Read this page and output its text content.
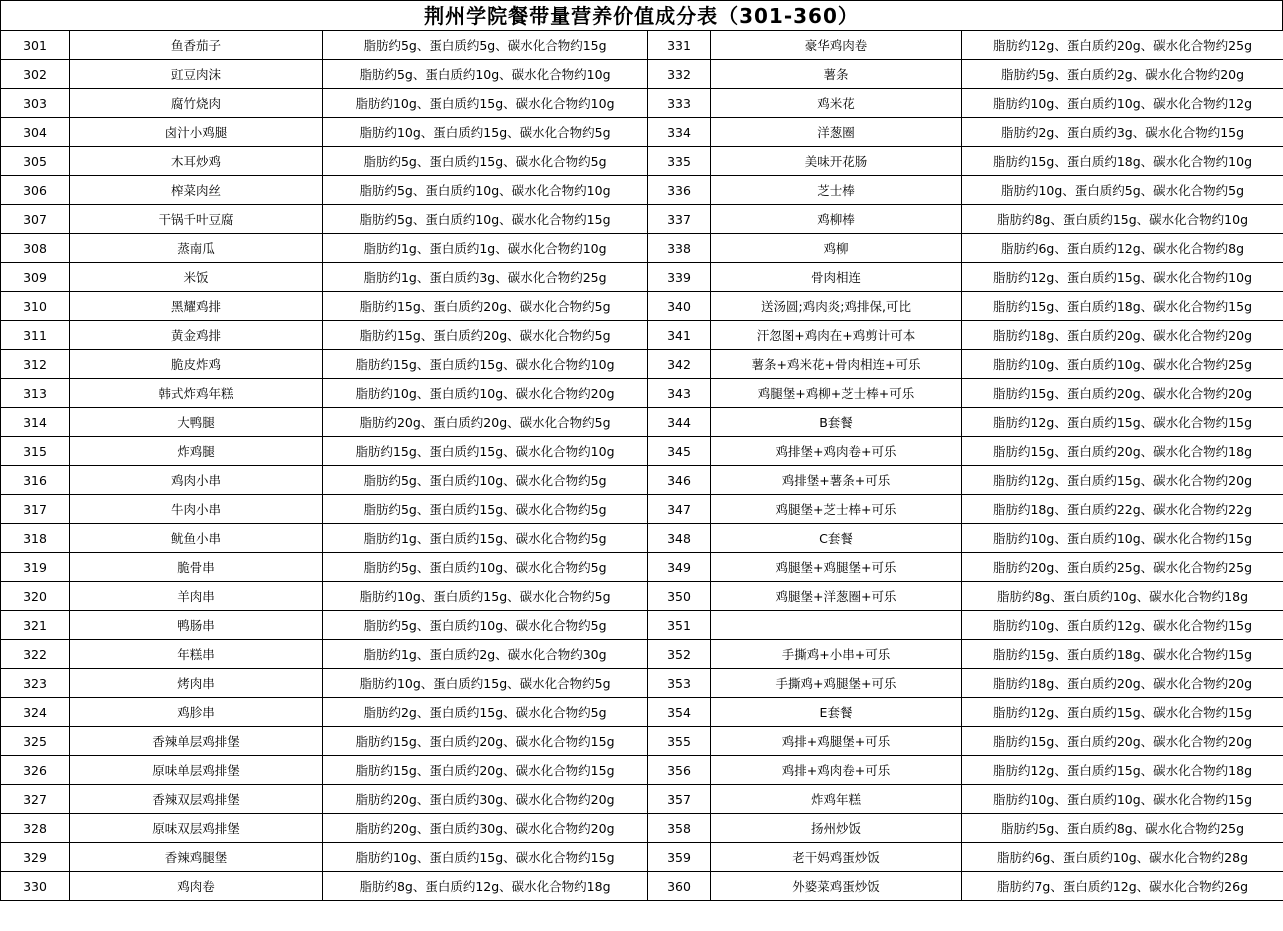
荆州学院餐带量营养价值成分表（301-360）
301	鱼香茄子	脂肪约5g、蛋白质约5g、碳水化合物约15g	331	豪华鸡肉卷	脂肪约12g、蛋白质约20g、碳水化合物约25g
302	豇豆肉沫	脂肪约5g、蛋白质约10g、碳水化合物约10g	332	薯条	脂肪约5g、蛋白质约2g、碳水化合物约20g
303	腐竹烧肉	脂肪约10g、蛋白质约15g、碳水化合物约10g	333	鸡米花	脂肪约10g、蛋白质约10g、碳水化合物约12g
304	卤汁小鸡腿	脂肪约10g、蛋白质约15g、碳水化合物约5g	334	洋葱圈	脂肪约2g、蛋白质约3g、碳水化合物约15g
305	木耳炒鸡	脂肪约5g、蛋白质约15g、碳水化合物约5g	335	美味开花肠	脂肪约15g、蛋白质约18g、碳水化合物约10g
306	榨菜肉丝	脂肪约5g、蛋白质约10g、碳水化合物约10g	336	芝士棒	脂肪约10g、蛋白质约5g、碳水化合物约5g
307	干锅千叶豆腐	脂肪约5g、蛋白质约10g、碳水化合物约15g	337	鸡柳棒	脂肪约8g、蛋白质约15g、碳水化合物约10g
308	蒸南瓜	脂肪约1g、蛋白质约1g、碳水化合物约10g	338	鸡柳	脂肪约6g、蛋白质约12g、碳水化合物约8g
309	米饭	脂肪约1g、蛋白质约3g、碳水化合物约25g	339	骨肉相连	脂肪约12g、蛋白质约15g、碳水化合物约10g
310	黑耀鸡排	脂肪约15g、蛋白质约20g、碳水化合物约5g	340	送汤圆;鸡肉炎;鸡排保,可比	脂肪约15g、蛋白质约18g、碳水化合物约15g
311	黄金鸡排	脂肪约15g、蛋白质约20g、碳水化合物约5g	341	汗忽图+鸡肉在+鸡剪计可本	脂肪约18g、蛋白质约20g、碳水化合物约20g
312	脆皮炸鸡	脂肪约15g、蛋白质约15g、碳水化合物约10g	342	薯条+鸡米花+骨肉相连+可乐	脂肪约10g、蛋白质约10g、碳水化合物约25g
313	韩式炸鸡年糕	脂肪约10g、蛋白质约10g、碳水化合物约20g	343	鸡腿堡+鸡柳+芝士棒+可乐	脂肪约15g、蛋白质约20g、碳水化合物约20g
314	大鸭腿	脂肪约20g、蛋白质约20g、碳水化合物约5g	344	B套餐	脂肪约12g、蛋白质约15g、碳水化合物约15g
315	炸鸡腿	脂肪约15g、蛋白质约15g、碳水化合物约10g	345	鸡排堡+鸡肉卷+可乐	脂肪约15g、蛋白质约20g、碳水化合物约18g
316	鸡肉小串	脂肪约5g、蛋白质约10g、碳水化合物约5g	346	鸡排堡+薯条+可乐	脂肪约12g、蛋白质约15g、碳水化合物约20g
317	牛肉小串	脂肪约5g、蛋白质约15g、碳水化合物约5g	347	鸡腿堡+芝士棒+可乐	脂肪约18g、蛋白质约22g、碳水化合物约22g
318	鱿鱼小串	脂肪约1g、蛋白质约15g、碳水化合物约5g	348	C套餐	脂肪约10g、蛋白质约10g、碳水化合物约15g
319	脆骨串	脂肪约5g、蛋白质约10g、碳水化合物约5g	349	鸡腿堡+鸡腿堡+可乐	脂肪约20g、蛋白质约25g、碳水化合物约25g
320	羊肉串	脂肪约10g、蛋白质约15g、碳水化合物约5g	350	鸡腿堡+洋葱圈+可乐	脂肪约8g、蛋白质约10g、碳水化合物约18g
321	鸭肠串	脂肪约5g、蛋白质约10g、碳水化合物约5g	351		脂肪约10g、蛋白质约12g、碳水化合物约15g
322	年糕串	脂肪约1g、蛋白质约2g、碳水化合物约30g	352	手撕鸡+小串+可乐	脂肪约15g、蛋白质约18g、碳水化合物约15g
323	烤肉串	脂肪约10g、蛋白质约15g、碳水化合物约5g	353	手撕鸡+鸡腿堡+可乐	脂肪约18g、蛋白质约20g、碳水化合物约20g
324	鸡胗串	脂肪约2g、蛋白质约15g、碳水化合物约5g	354	E套餐	脂肪约12g、蛋白质约15g、碳水化合物约15g
325	香辣单层鸡排堡	脂肪约15g、蛋白质约20g、碳水化合物约15g	355	鸡排+鸡腿堡+可乐	脂肪约15g、蛋白质约20g、碳水化合物约20g
326	原味单层鸡排堡	脂肪约15g、蛋白质约20g、碳水化合物约15g	356	鸡排+鸡肉卷+可乐	脂肪约12g、蛋白质约15g、碳水化合物约18g
327	香辣双层鸡排堡	脂肪约20g、蛋白质约30g、碳水化合物约20g	357	炸鸡年糕	脂肪约10g、蛋白质约10g、碳水化合物约15g
328	原味双层鸡排堡	脂肪约20g、蛋白质约30g、碳水化合物约20g	358	扬州炒饭	脂肪约5g、蛋白质约8g、碳水化合物约25g
329	香辣鸡腿堡	脂肪约10g、蛋白质约15g、碳水化合物约15g	359	老干妈鸡蛋炒饭	脂肪约6g、蛋白质约10g、碳水化合物约28g
330	鸡肉卷	脂肪约8g、蛋白质约12g、碳水化合物约18g	360	外婆菜鸡蛋炒饭	脂肪约7g、蛋白质约12g、碳水化合物约26g
